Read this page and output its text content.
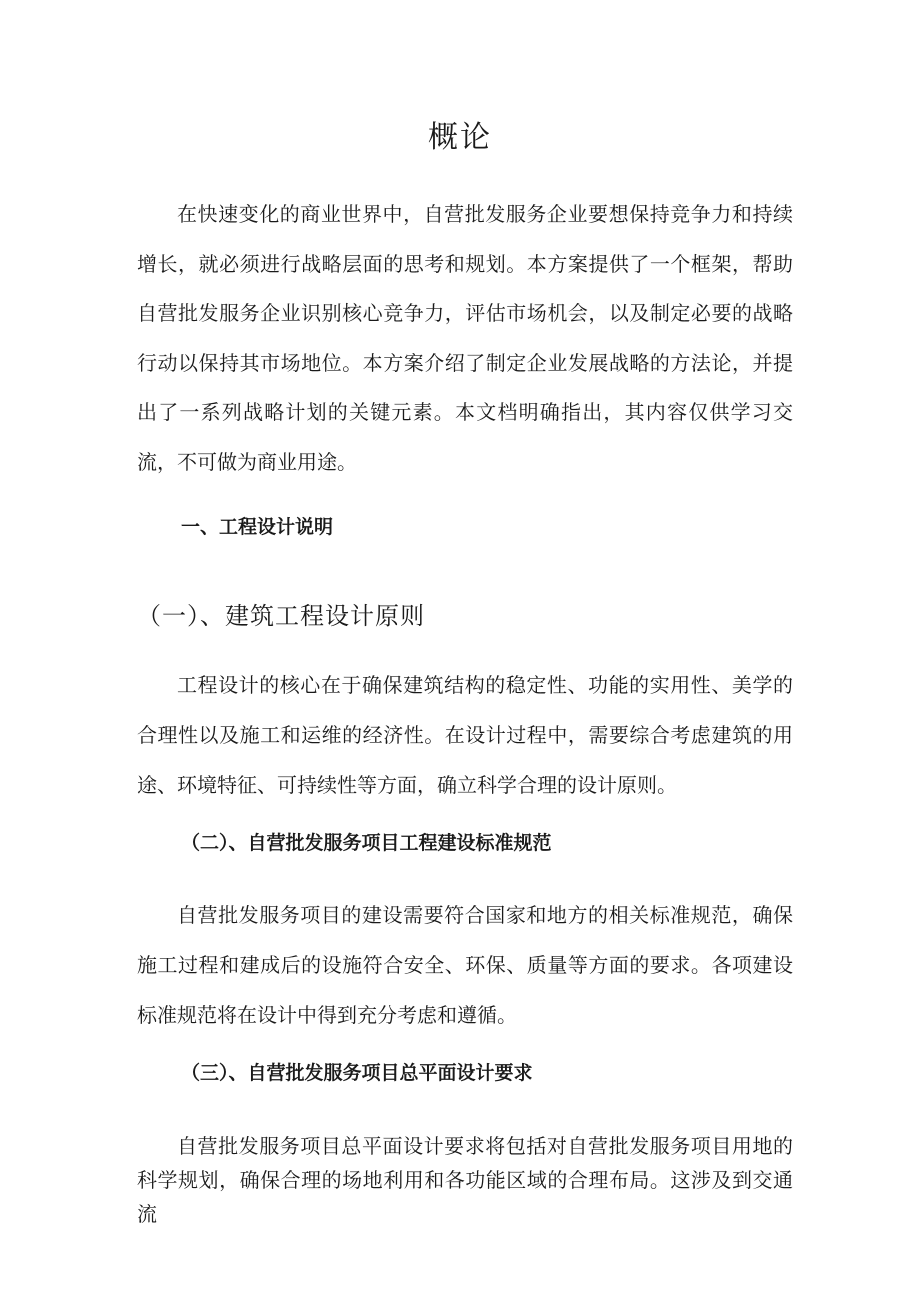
概论

在快速变化的商业世界中，自营批发服务企业要想保持竞争力和持续增长，就必须进行战略层面的思考和规划。本方案提供了一个框架，帮助自营批发服务企业识别核心竞争力，评估市场机会，以及制定必要的战略行动以保持其市场地位。本方案介绍了制定企业发展战略的方法论，并提出了一系列战略计划的关键元素。本文档明确指出，其内容仅供学习交流，不可做为商业用途。

一、工程设计说明
（一）、建筑工程设计原则

工程设计的核心在于确保建筑结构的稳定性、功能的实用性、美学的合理性以及施工和运维的经济性。在设计过程中，需要综合考虑建筑的用途、环境特征、可持续性等方面，确立科学合理的设计原则。

（二）、自营批发服务项目工程建设标准规范

自营批发服务项目的建设需要符合国家和地方的相关标准规范，确保施工过程和建成后的设施符合安全、环保、质量等方面的要求。各项建设标准规范将在设计中得到充分考虑和遵循。

（三）、自营批发服务项目总平面设计要求

自营批发服务项目总平面设计要求将包括对自营批发服务项目用地的科学规划，确保合理的场地利用和各功能区域的合理布局。这涉及到交通流
